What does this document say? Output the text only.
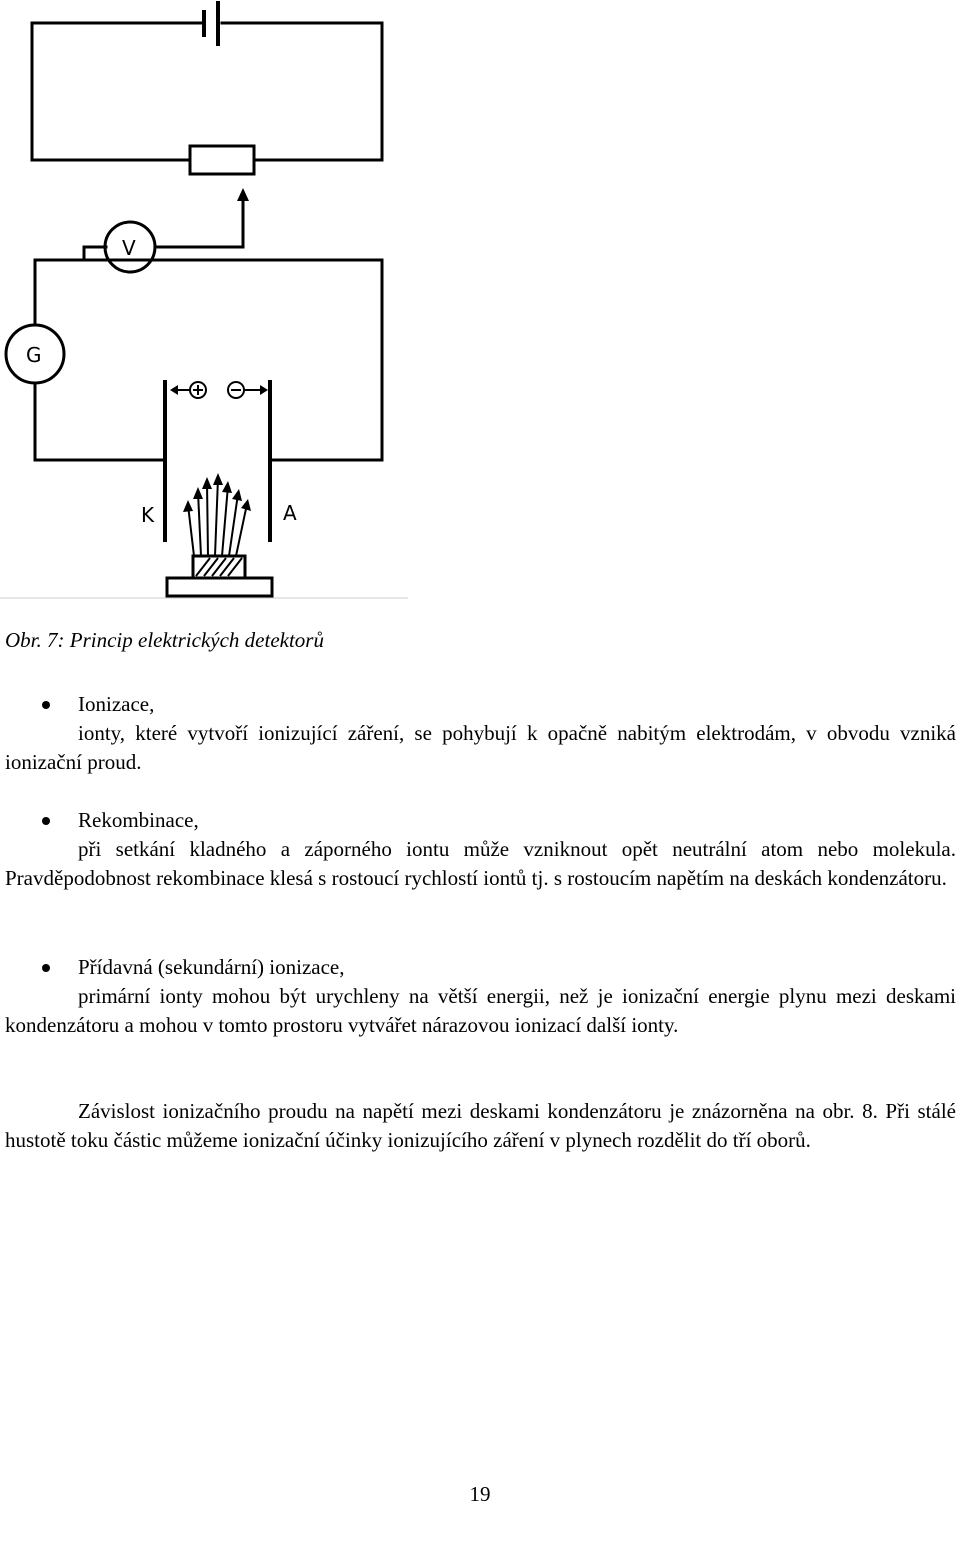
V
G
K	A
Obr. 7: Princip elektrických detektorů
Ionizace,
ionty, které vytvoří ionizující záření, se pohybují k opačně nabitým elektrodám, v obvodu vzniká ionizační proud.
Rekombinace,
při setkání kladného a záporného iontu může vzniknout opět neutrální atom nebo molekula. Pravděpodobnost rekombinace klesá s rostoucí rychlostí iontů tj. s rostoucím napětím na deskách kondenzátoru.
Přídavná (sekundární) ionizace,
primární ionty mohou být urychleny na větší energii, než je ionizační energie plynu mezi deskami kondenzátoru a mohou v tomto prostoru vytvářet nárazovou ionizací další ionty.
Závislost ionizačního proudu na napětí mezi deskami kondenzátoru je znázorněna na obr. 8. Při stálé hustotě toku částic můžeme ionizační účinky ionizujícího záření v plynech rozdělit do tří oborů.
19
